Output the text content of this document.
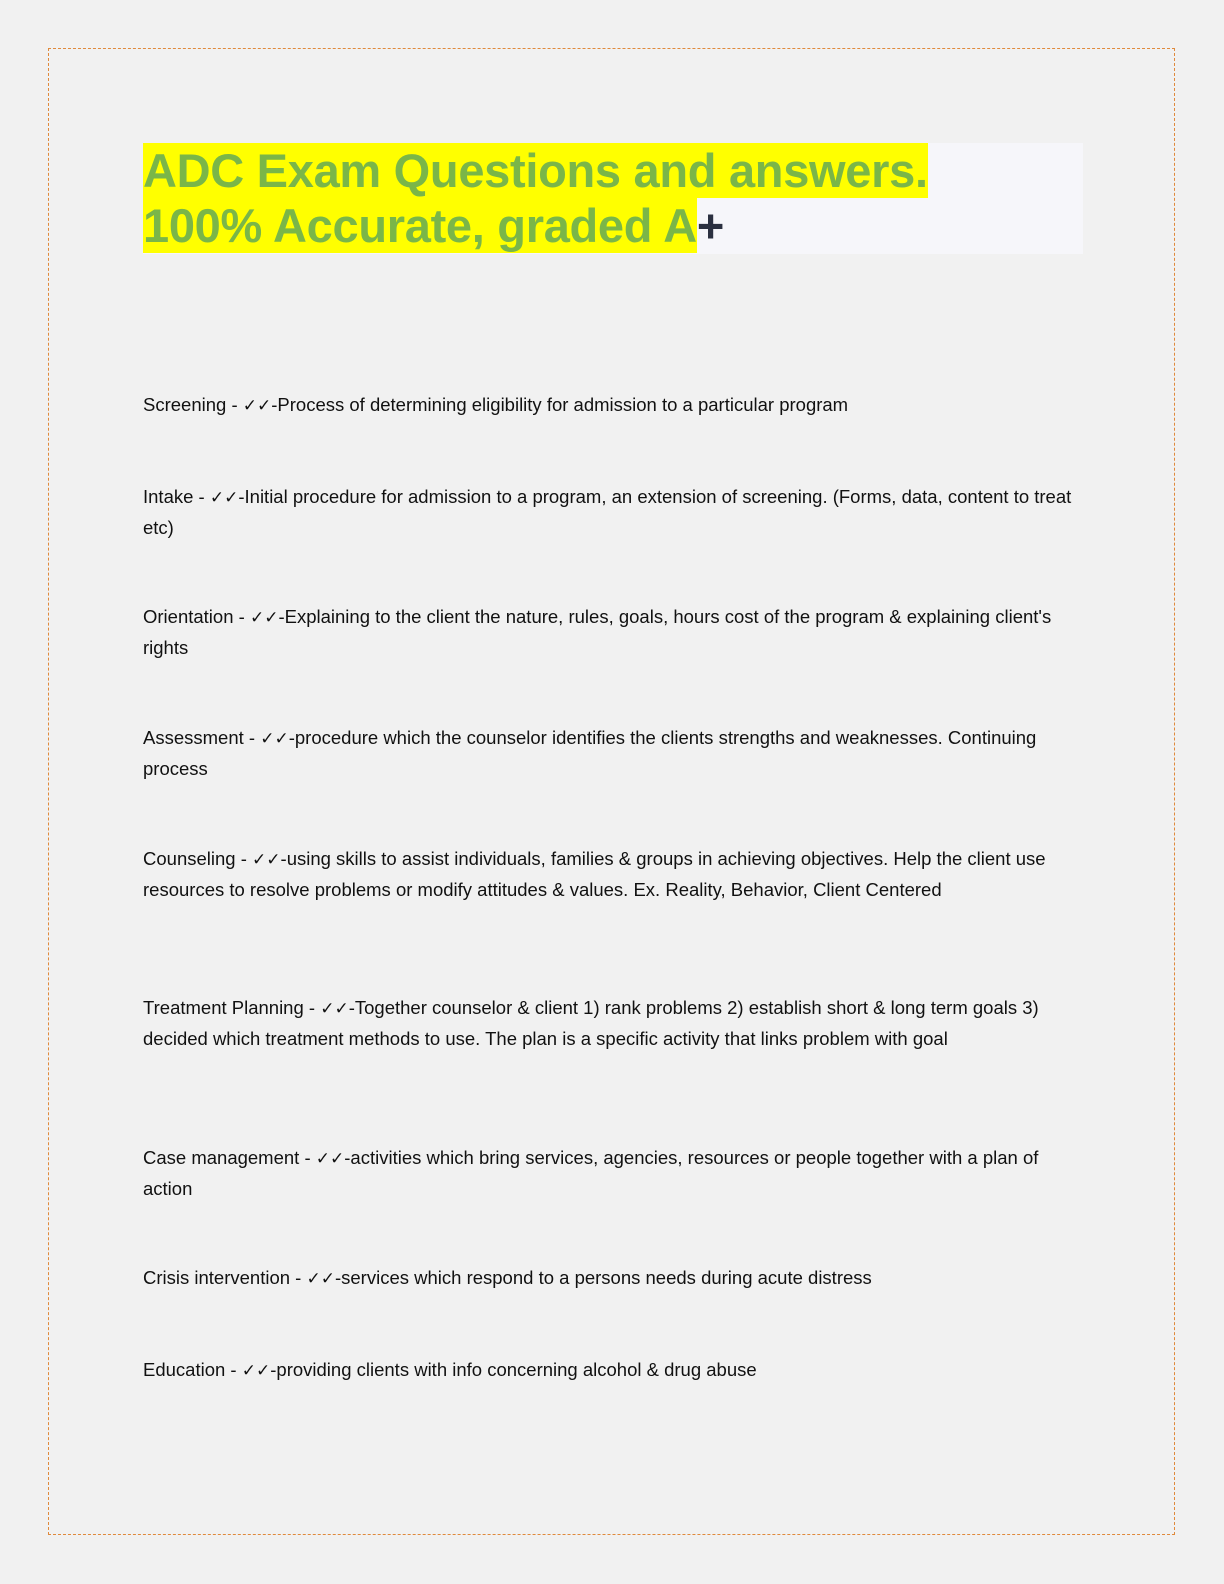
ADC Exam Questions and answers.
100% Accurate, graded A+
Screening - ✓✓-Process of determining eligibility for admission to a particular program
Intake - ✓✓-Initial procedure for admission to a program, an extension of screening. (Forms, data, content to treat etc)
Orientation - ✓✓-Explaining to the client the nature, rules, goals, hours cost of the program & explaining client's rights
Assessment - ✓✓-procedure which the counselor identifies the clients strengths and weaknesses. Continuing process
Counseling - ✓✓-using skills to assist individuals, families & groups in achieving objectives. Help the client use resources to resolve problems or modify attitudes & values. Ex. Reality, Behavior, Client Centered
Treatment Planning - ✓✓-Together counselor & client 1) rank problems 2) establish short & long term goals 3) decided which treatment methods to use. The plan is a specific activity that links problem with goal
Case management - ✓✓-activities which bring services, agencies, resources or people together with a plan of action
Crisis intervention - ✓✓-services which respond to a persons needs during acute distress
Education - ✓✓-providing clients with info concerning alcohol & drug abuse
